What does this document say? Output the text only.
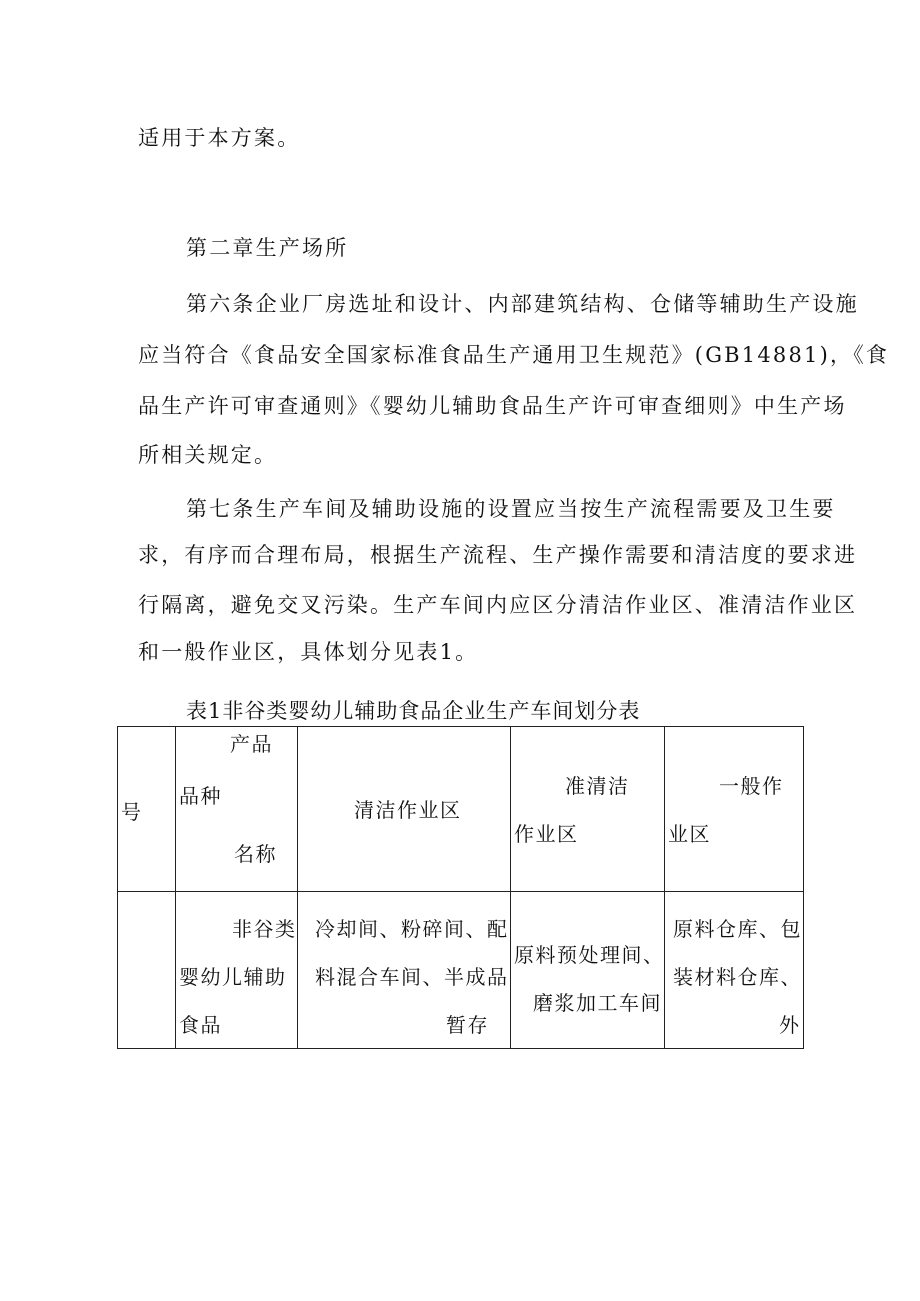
适用于本方案。
第二章生产场所
第六条企业厂房选址和设计、内部建筑结构、仓储等辅助生产设施
应当符合《食品安全国家标准食品生产通用卫生规范》(GB14881)，《食
品生产许可审查通则》《婴幼儿辅助食品生产许可审查细则》中生产场
所相关规定。
第七条生产车间及辅助设施的设置应当按生产流程需要及卫生要
求，有序而合理布局，根据生产流程、生产操作需要和清洁度的要求进
行隔离，避免交叉污染。生产车间内应区分清洁作业区、准清洁作业区
和一般作业区，具体划分见表1。
表1非谷类婴幼儿辅助食品企业生产车间划分表
号	产品
品种
名称	清洁作业区	准清洁
作业区	一般作
业区

	非谷类
婴幼儿辅助
食品	冷却间、粉碎间、配
料混合车间、半成品
暂存	原料预处理间、
磨浆加工车间	原料仓库、包
装材料仓库、
外
